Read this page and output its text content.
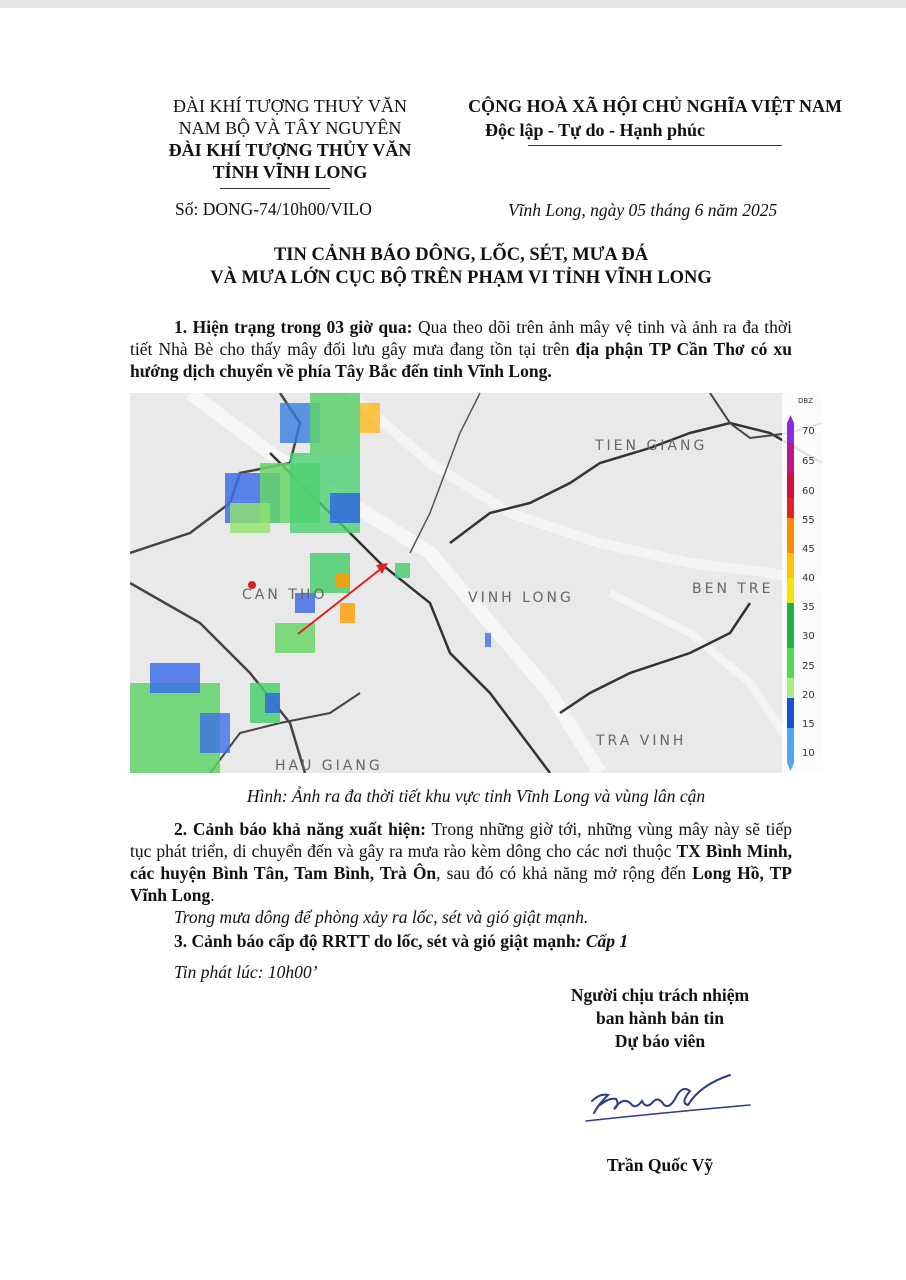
ĐÀI KHÍ TƯỢNG THUỶ VĂN
NAM BỘ VÀ TÂY NGUYÊN
ĐÀI KHÍ TƯỢNG THỦY VĂN
TỈNH VĨNH LONG
Số: DONG-74/10h00/VILO
CỘNG HOÀ XÃ HỘI CHỦ NGHĨA VIỆT NAM
Độc lập - Tự do - Hạnh phúc
Vĩnh Long, ngày 05 tháng 6 năm 2025
TIN CẢNH BÁO DÔNG, LỐC, SÉT, MƯA ĐÁ
VÀ MƯA LỚN CỤC BỘ TRÊN PHẠM VI TỈNH VĨNH LONG

1. Hiện trạng trong 03 giờ qua: Qua theo dõi trên ảnh mây vệ tinh và ảnh ra đa thời tiết Nhà Bè cho thấy mây đối lưu gây mưa đang tồn tại trên địa phận TP Cần Thơ có xu hướng dịch chuyển về phía Tây Bắc đến tỉnh Vĩnh Long.

TIEN GIANG
CAN THO	VINH LONG
BEN TRE
TRA VINH
HAU GIANG
DBZ
70
65
60
55
45
40
35
30
25
20
15
10
Hình: Ảnh ra đa thời tiết khu vực tỉnh Vĩnh Long và vùng lân cận

2. Cảnh báo khả năng xuất hiện: Trong những giờ tới, những vùng mây này sẽ tiếp tục phát triển, di chuyển đến và gây ra mưa rào kèm dông cho các nơi thuộc TX Bình Minh, các huyện Bình Tân, Tam Bình, Trà Ôn, sau đó có khả năng mở rộng đến Long Hồ, TP Vĩnh Long.

Trong mưa dông để phòng xảy ra lốc, sét và gió giật mạnh.
3. Cảnh báo cấp độ RRTT do lốc, sét và gió giật mạnh: Cấp 1
Tin phát lúc: 10h00’
Người chịu trách nhiệm
ban hành bản tin
Dự báo viên
Trần Quốc Vỹ
